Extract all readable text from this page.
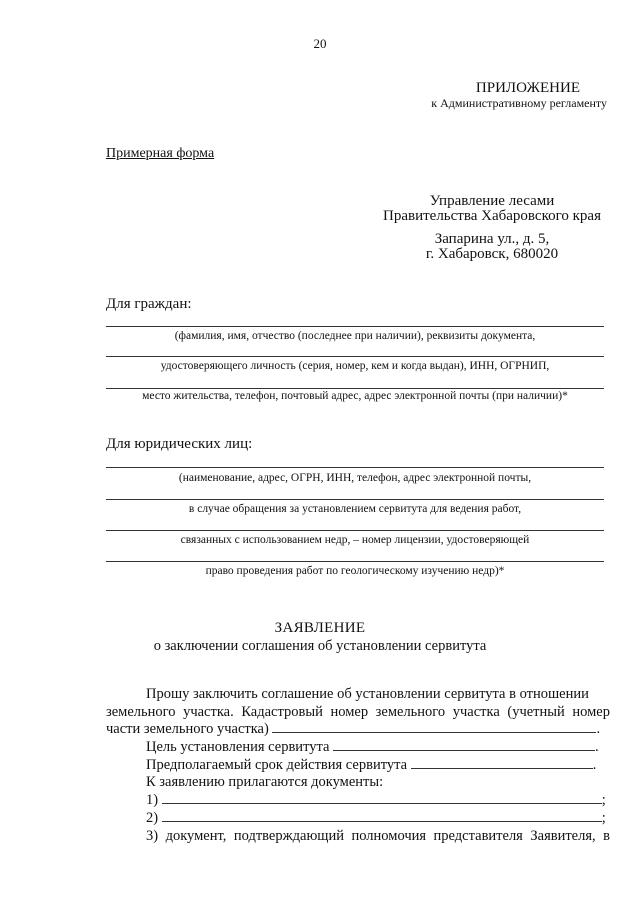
20
ПРИЛОЖЕНИЕ
к Административному регламенту
Примерная форма
Управление лесами
Правительства Хабаровского края
Запарина ул., д. 5,
г. Хабаровск, 680020
Для граждан:
(фамилия, имя, отчество (последнее при наличии), реквизиты документа,
удостоверяющего личность (серия, номер, кем и когда выдан), ИНН, ОГРНИП,
место жительства, телефон, почтовый адрес, адрес электронной почты (при наличии)*
Для юридических лиц:
(наименование, адрес, ОГРН, ИНН, телефон, адрес электронной почты,
в случае обращения за установлением сервитута для ведения работ,
связанных с использованием недр, – номер лицензии, удостоверяющей
право проведения работ по геологическому изучению недр)*
ЗАЯВЛЕНИЕ
о заключении соглашения об установлении сервитута
Прошу заключить соглашение об установлении сервитута в отношении
земельного участка. Кадастровый номер земельного участка (учетный номер
части земельного участка)	.
Цель установления сервитута	.
Предполагаемый срок действия сервитута	.
К заявлению прилагаются документы:
1)	;
2)	;
3) документ, подтверждающий полномочия представителя Заявителя, в
